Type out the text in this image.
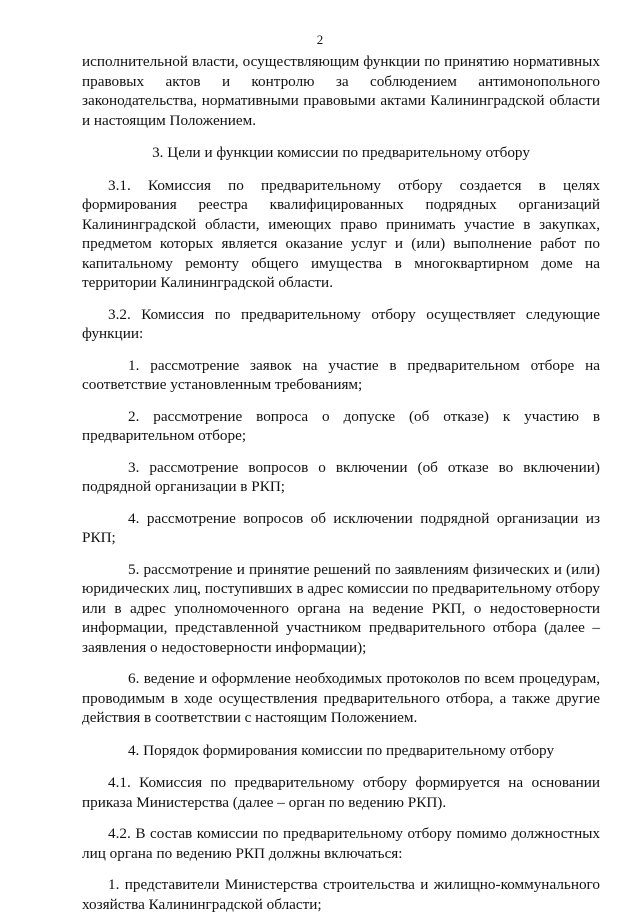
2

исполнительной власти, осуществляющим функции по принятию нормативных правовых актов и контролю за соблюдением антимонопольного законодательства, нормативными правовыми актами Калининградской области и настоящим Положением.

3. Цели и функции комиссии по предварительному отбору

3.1. Комиссия по предварительному отбору создается в целях формирования реестра квалифицированных подрядных организаций Калининградской области, имеющих право принимать участие в закупках, предметом которых является оказание услуг и (или) выполнение работ по капитальному ремонту общего имущества в многоквартирном доме на территории Калининградской области.

3.2. Комиссия по предварительному отбору осуществляет следующие функции:

1. рассмотрение заявок на участие в предварительном отборе на соответствие установленным требованиям;

2. рассмотрение вопроса о допуске (об отказе) к участию в предварительном отборе;

3. рассмотрение вопросов о включении (об отказе во включении) подрядной организации в РКП;

4. рассмотрение вопросов об исключении подрядной организации из РКП;

5. рассмотрение и принятие решений по заявлениям физических и (или) юридических лиц, поступивших в адрес комиссии по предварительному отбору или в адрес уполномоченного органа на ведение РКП, о недостоверности информации, представленной участником предварительного отбора (далее – заявления о недостоверности информации);

6. ведение и оформление необходимых протоколов по всем процедурам, проводимым в ходе осуществления предварительного отбора, а также другие действия в соответствии с настоящим Положением.

4. Порядок формирования комиссии по предварительному отбору

4.1. Комиссия по предварительному отбору формируется на основании приказа Министерства (далее – орган по ведению РКП).

4.2. В состав комиссии по предварительному отбору помимо должностных лиц органа по ведению РКП должны включаться:

1. представители Министерства строительства и жилищно-коммунального хозяйства Калининградской области;
